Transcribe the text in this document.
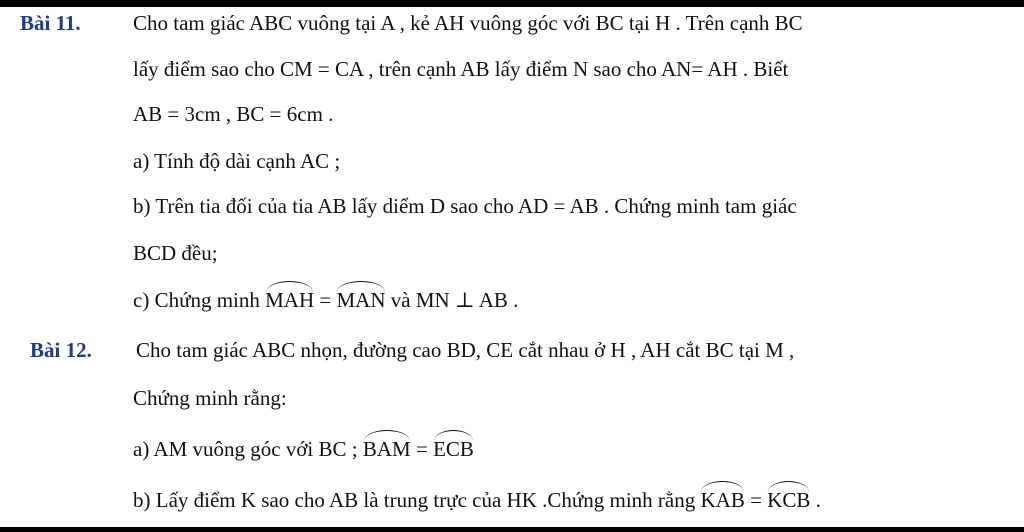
Bài 11. Cho tam giác ABC vuông tại A , kẻ AH vuông góc với BC tại H . Trên cạnh BC
lấy điểm sao cho CM = CA , trên cạnh AB lấy điểm N sao cho AN= AH . Biết
AB = 3cm , BC = 6cm .
a) Tính độ dài cạnh AC ;
b) Trên tia đối của tia AB lấy diểm D sao cho AD = AB . Chứng minh tam giác
BCD đều;
c) Chứng minh MAH = MAN và MN ⊥ AB .
Bài 12. Cho tam giác ABC nhọn, đường cao BD, CE cắt nhau ở H , AH cắt BC tại M ,
Chứng minh rằng:
a) AM vuông góc với BC ; BAM = ECB
b) Lấy điểm K sao cho AB là trung trực của HK .Chứng minh rằng KAB = KCB .
